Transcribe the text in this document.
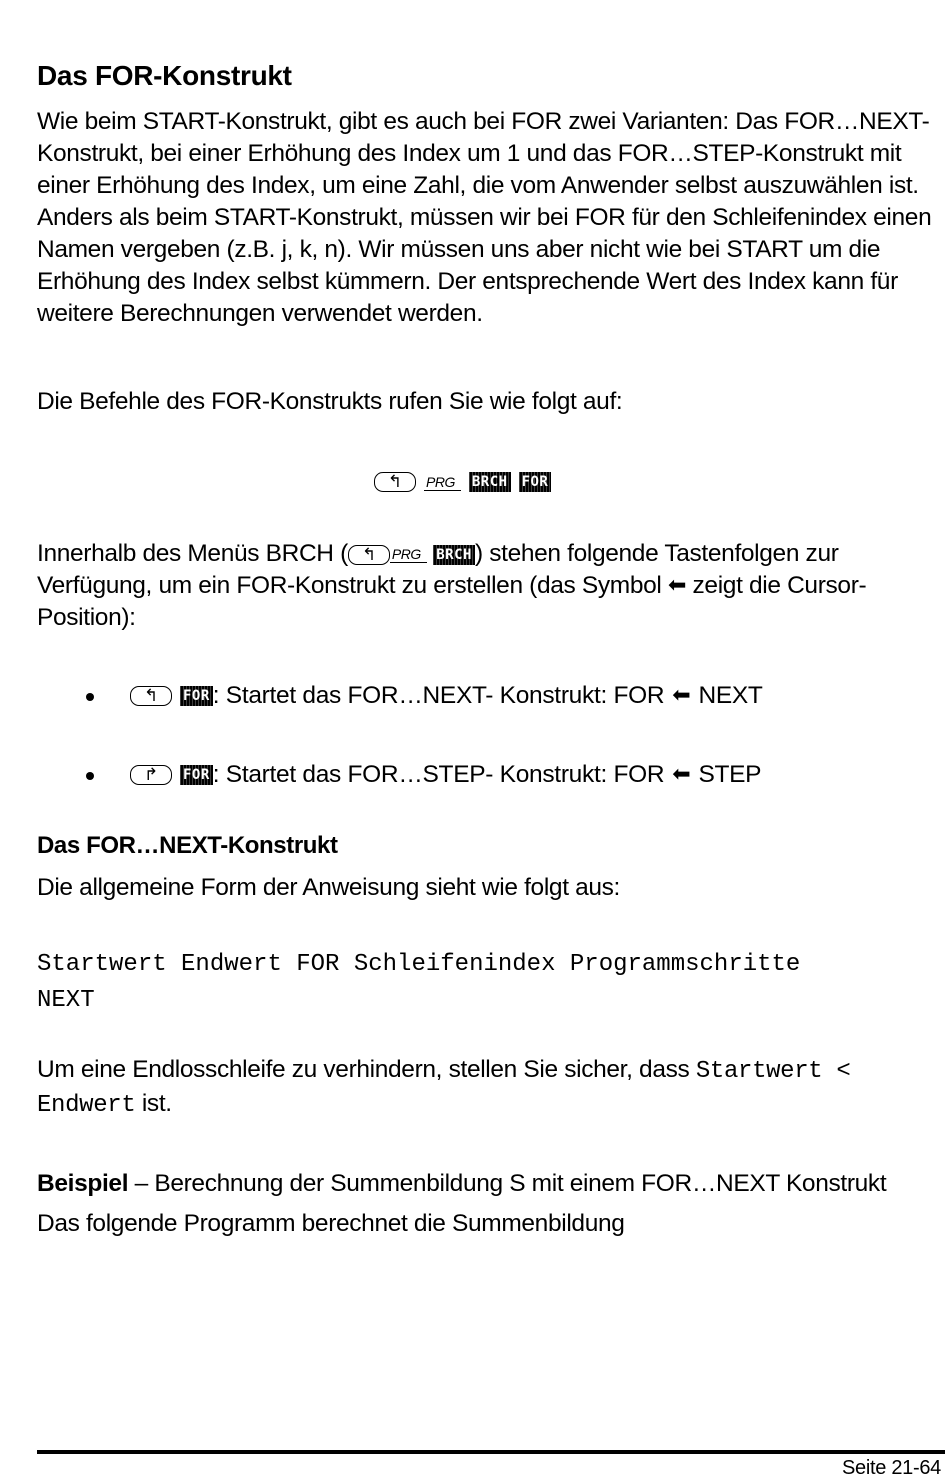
Das FOR-Konstrukt

Wie beim START-Konstrukt, gibt es auch bei FOR zwei Varianten: Das FOR…NEXT-Konstrukt, bei einer Erhöhung des Index um 1 und das FOR…STEP-Konstrukt mit einer Erhöhung des Index, um eine Zahl, die vom Anwender selbst auszuwählen ist. Anders als beim START-Konstrukt, müssen wir bei FOR für den Schleifenindex einen Namen vergeben (z.B. j, k, n). Wir müssen uns aber nicht wie bei START um die Erhöhung des Index selbst kümmern. Der entsprechende Wert des Index kann für weitere Berechnungen verwendet werden.

Die Befehle des FOR-Konstrukts rufen Sie wie folgt auf:

↰	PRG	BRCH FOR

Innerhalb des Menüs BRCH ( ↰ PRG BRCH ) stehen folgende Tastenfolgen zur Verfügung, um ein FOR-Konstrukt zu erstellen (das Symbol ⬅ zeigt die Cursor-Position):

↰	FOR : Startet das FOR…NEXT- Konstrukt: FOR ⬅ NEXT
↱	FOR : Startet das FOR…STEP- Konstrukt: FOR ⬅ STEP
Das FOR…NEXT-Konstrukt

Die allgemeine Form der Anweisung sieht wie folgt aus:

Startwert Endwert FOR Schleifenindex Programmschritte
NEXT

Um eine Endlosschleife zu verhindern, stellen Sie sicher, dass Startwert <
Endwert ist.

Beispiel – Berechnung der Summenbildung S mit einem FOR…NEXT Konstrukt

Das folgende Programm berechnet die Summenbildung

Seite 21-64
